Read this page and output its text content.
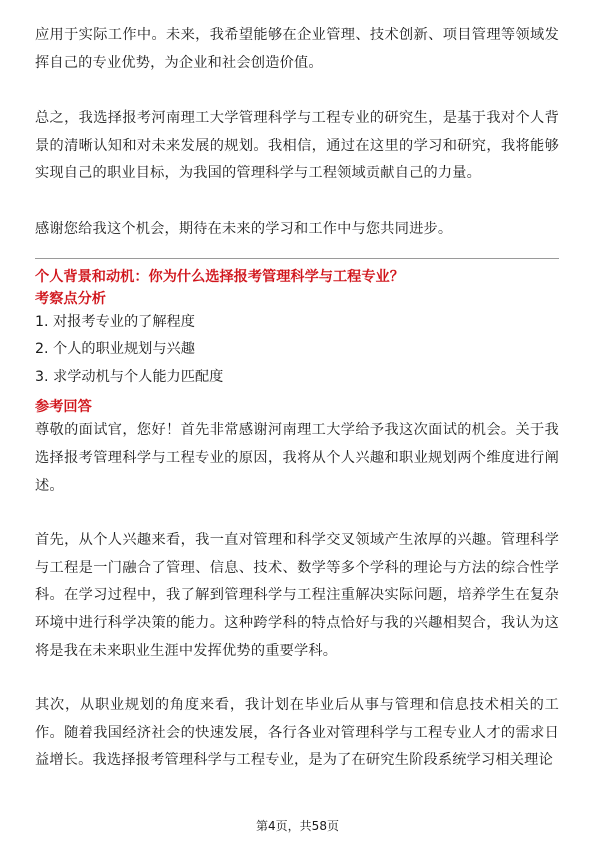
应用于实际工作中。未来，我希望能够在企业管理、技术创新、项目管理等领域发挥自己的专业优势，为企业和社会创造价值。

总之，我选择报考河南理工大学管理科学与工程专业的研究生，是基于我对个人背景的清晰认知和对未来发展的规划。我相信，通过在这里的学习和研究，我将能够实现自己的职业目标，为我国的管理科学与工程领域贡献自己的力量。

感谢您给我这个机会，期待在未来的学习和工作中与您共同进步。

个人背景和动机：你为什么选择报考管理科学与工程专业？
考察点分析
1. 对报考专业的了解程度
2. 个人的职业规划与兴趣
3. 求学动机与个人能力匹配度
参考回答

尊敬的面试官，您好！首先非常感谢河南理工大学给予我这次面试的机会。关于我选择报考管理科学与工程专业的原因，我将从个人兴趣和职业规划两个维度进行阐述。

首先，从个人兴趣来看，我一直对管理和科学交叉领域产生浓厚的兴趣。管理科学与工程是一门融合了管理、信息、技术、数学等多个学科的理论与方法的综合性学科。在学习过程中，我了解到管理科学与工程注重解决实际问题，培养学生在复杂环境中进行科学决策的能力。这种跨学科的特点恰好与我的兴趣相契合，我认为这将是我在未来职业生涯中发挥优势的重要学科。

其次，从职业规划的角度来看，我计划在毕业后从事与管理和信息技术相关的工作。随着我国经济社会的快速发展，各行各业对管理科学与工程专业人才的需求日益增长。我选择报考管理科学与工程专业，是为了在研究生阶段系统学习相关理论

第4页，共58页
